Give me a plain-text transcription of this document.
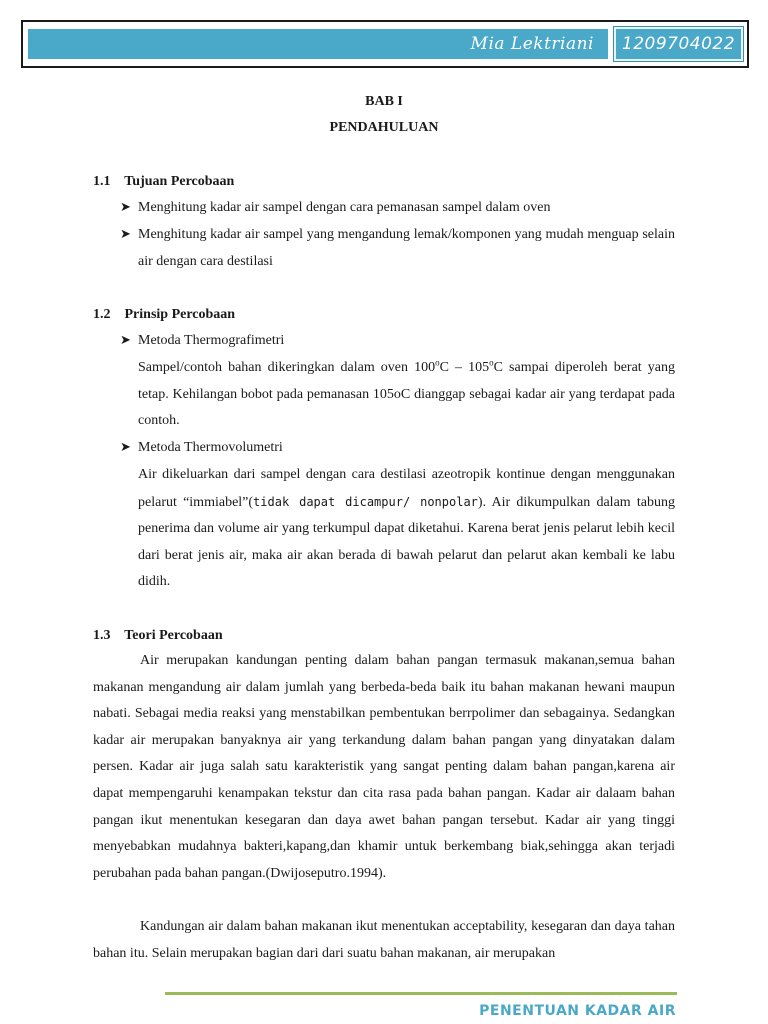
Mia Lektriani 1209704022
BAB I
PENDAHULUAN
1.1 Tujuan Percobaan
➤ Menghitung kadar air sampel dengan cara pemanasan sampel dalam oven
➤ Menghitung kadar air sampel yang mengandung lemak/komponen yang mudah menguap selain air dengan cara destilasi
1.2 Prinsip Percobaan
➤ Metoda Thermografimetri
Sampel/contoh bahan dikeringkan dalam oven 100$^o$C – 105$^o$C sampai diperoleh berat yang tetap. Kehilangan bobot pada pemanasan 105oC dianggap sebagai kadar air yang terdapat pada contoh.
➤ Metoda Thermovolumetri
Air dikeluarkan dari sampel dengan cara destilasi azeotropik kontinue dengan menggunakan pelarut “immiabel”(tidak dapat dicampur/ nonpolar). Air dikumpulkan dalam tabung penerima dan volume air yang terkumpul dapat diketahui. Karena berat jenis pelarut lebih kecil dari berat jenis air, maka air akan berada di bawah pelarut dan pelarut akan kembali ke labu didih.
1.3 Teori Percobaan
Air merupakan kandungan penting dalam bahan pangan termasuk makanan,semua bahan makanan mengandung air dalam jumlah yang berbeda-beda baik itu bahan makanan hewani maupun nabati. Sebagai media reaksi yang menstabilkan pembentukan berrpolimer dan sebagainya. Sedangkan kadar air merupakan banyaknya air yang terkandung dalam bahan pangan yang dinyatakan dalam persen. Kadar air juga salah satu karakteristik yang sangat penting dalam bahan pangan,karena air dapat mempengaruhi kenampakan tekstur dan cita rasa pada bahan pangan. Kadar air dalaam bahan pangan ikut menentukan kesegaran dan daya awet bahan pangan tersebut. Kadar air yang tinggi menyebabkan mudahnya bakteri,kapang,dan khamir untuk berkembang biak,sehingga akan terjadi perubahan pada bahan pangan.(Dwijoseputro.1994).
Kandungan air dalam bahan makanan ikut menentukan acceptability, kesegaran dan daya tahan bahan itu. Selain merupakan bagian dari dari suatu bahan makanan, air merupakan
PENENTUAN KADAR AIR
